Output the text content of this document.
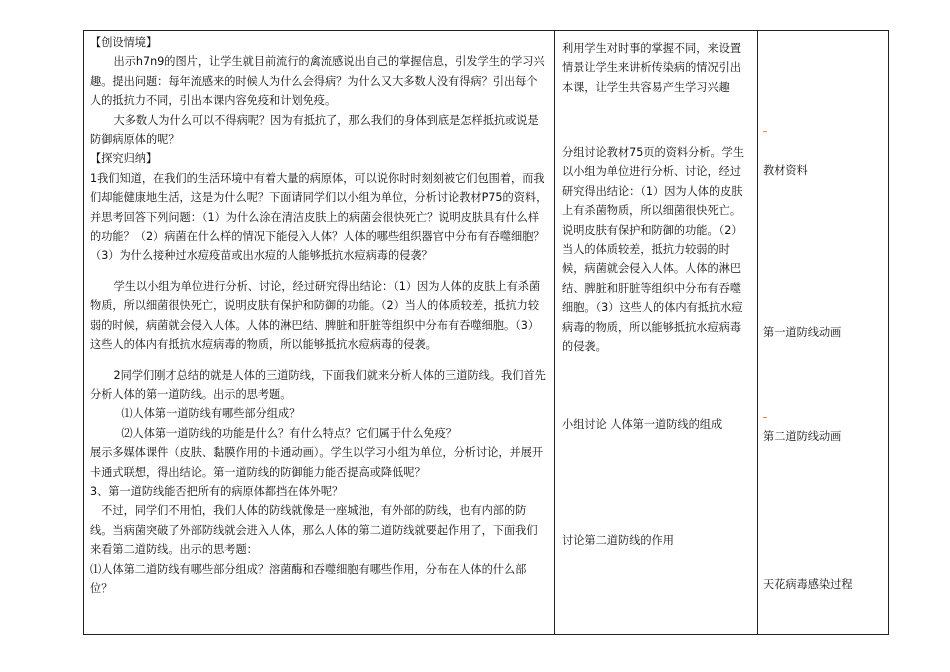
【创设情境】

出示h7n9的图片，让学生就目前流行的禽流感说出自己的掌握信息，引发学生的学习兴趣。提出问题：每年流感来的时候人为什么会得病？为什么又大多数人没有得病？引出每个人的抵抗力不同，引出本课内容免疫和计划免疫。

大多数人为什么可以不得病呢？因为有抵抗了，那么我们的身体到底是怎样抵抗或说是防御病原体的呢？

【探究归纳】

1我们知道，在我们的生活环境中有着大量的病原体，可以说你时时刻刻被它们包围着，而我们却能健康地生活，这是为什么呢？下面请同学们以小组为单位，分析讨论教材P75的资料，并思考回答下列问题：（1）为什么涂在清洁皮肤上的病菌会很快死亡？说明皮肤具有什么样的功能？（2）病菌在什么样的情况下能侵入人体？人体的哪些组织器官中分布有吞噬细胞？（3）为什么接种过水痘疫苗或出水痘的人能够抵抗水痘病毒的侵袭？

学生以小组为单位进行分析、讨论，经过研究得出结论：（1）因为人体的皮肤上有杀菌物质，所以细菌很快死亡，说明皮肤有保护和防御的功能。（2）当人的体质较差，抵抗力较弱的时候，病菌就会侵入人体。人体的淋巴结、脾脏和肝脏等组织中分布有吞噬细胞。（3）这些人的体内有抵抗水痘病毒的物质，所以能够抵抗水痘病毒的侵袭。

2同学们刚才总结的就是人体的三道防线，下面我们就来分析人体的三道防线。我们首先分析人体的第一道防线。出示的思考题。

⑴人体第一道防线有哪些部分组成？

⑵人体第一道防线的功能是什么？有什么特点？它们属于什么免疫？

展示多媒体课件（皮肤、黏膜作用的卡通动画）。学生以学习小组为单位，分析讨论，并展开卡通式联想，得出结论。第一道防线的防御能力能否提高或降低呢？

3、第一道防线能否把所有的病原体都挡在体外呢？

不过，同学们不用怕，我们人体的防线就像是一座城池，有外部的防线，也有内部的防线。当病菌突破了外部防线就会进入人体，那么人体的第二道防线就要起作用了，下面我们来看第二道防线。出示的思考题：

⑴人体第二道防线有哪些部分组成？溶菌酶和吞噬细胞有哪些作用，分布在人体的什么部位？

利用学生对时事的掌握不同，来设置情景让学生来讲析传染病的情况引出本课，让学生共容易产生学习兴趣

分组讨论教材75页的资料分析。学生以小组为单位进行分析、讨论，经过研究得出结论：（1）因为人体的皮肤上有杀菌物质，所以细菌很快死亡。说明皮肤有保护和防御的功能。（2）当人的体质较差，抵抗力较弱的时候，病菌就会侵入人体。人体的淋巴结、脾脏和肝脏等组织中分布有吞噬细胞。（3）这些人的体内有抵抗水痘病毒的物质，所以能够抵抗水痘病毒的侵袭。

小组讨论 人体第一道防线的组成

讨论第二道防线的作用

教材资料
第一道防线动画
第二道防线动画
天花病毒感染过程
